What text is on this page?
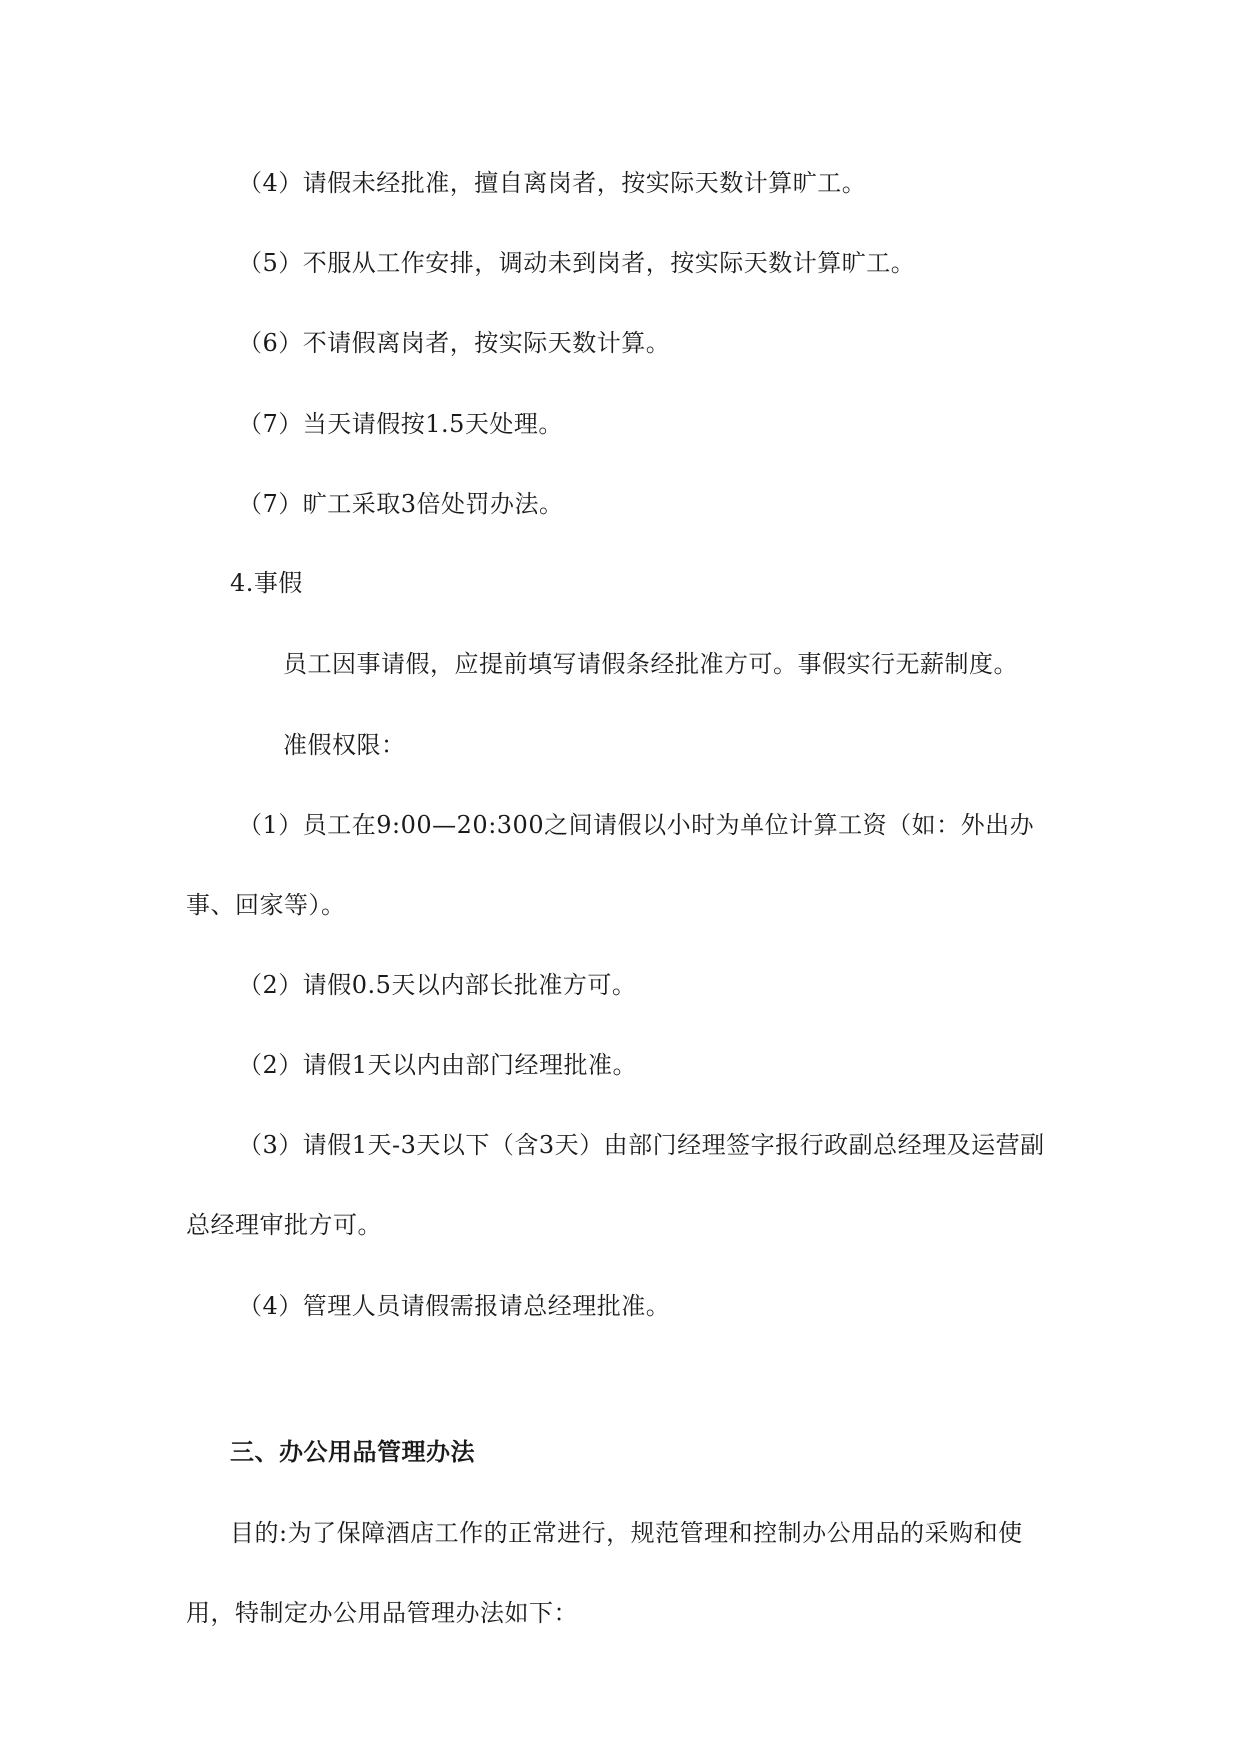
（4）请假未经批准，擅自离岗者，按实际天数计算旷工。
（5）不服从工作安排，调动未到岗者，按实际天数计算旷工。
（6）不请假离岗者，按实际天数计算。
（7）当天请假按1.5天处理。
（7）旷工采取3倍处罚办法。
4.事假
员工因事请假，应提前填写请假条经批准方可。事假实行无薪制度。
准假权限：
（1）员工在9:00—20:300之间请假以小时为单位计算工资（如：外出办
事、回家等）。
（2）请假0.5天以内部长批准方可。
（2）请假1天以内由部门经理批准。
（3）请假1天-3天以下（含3天）由部门经理签字报行政副总经理及运营副
总经理审批方可。
（4）管理人员请假需报请总经理批准。
三、办公用品管理办法
目的:为了保障酒店工作的正常进行，规范管理和控制办公用品的采购和使
用，特制定办公用品管理办法如下：
